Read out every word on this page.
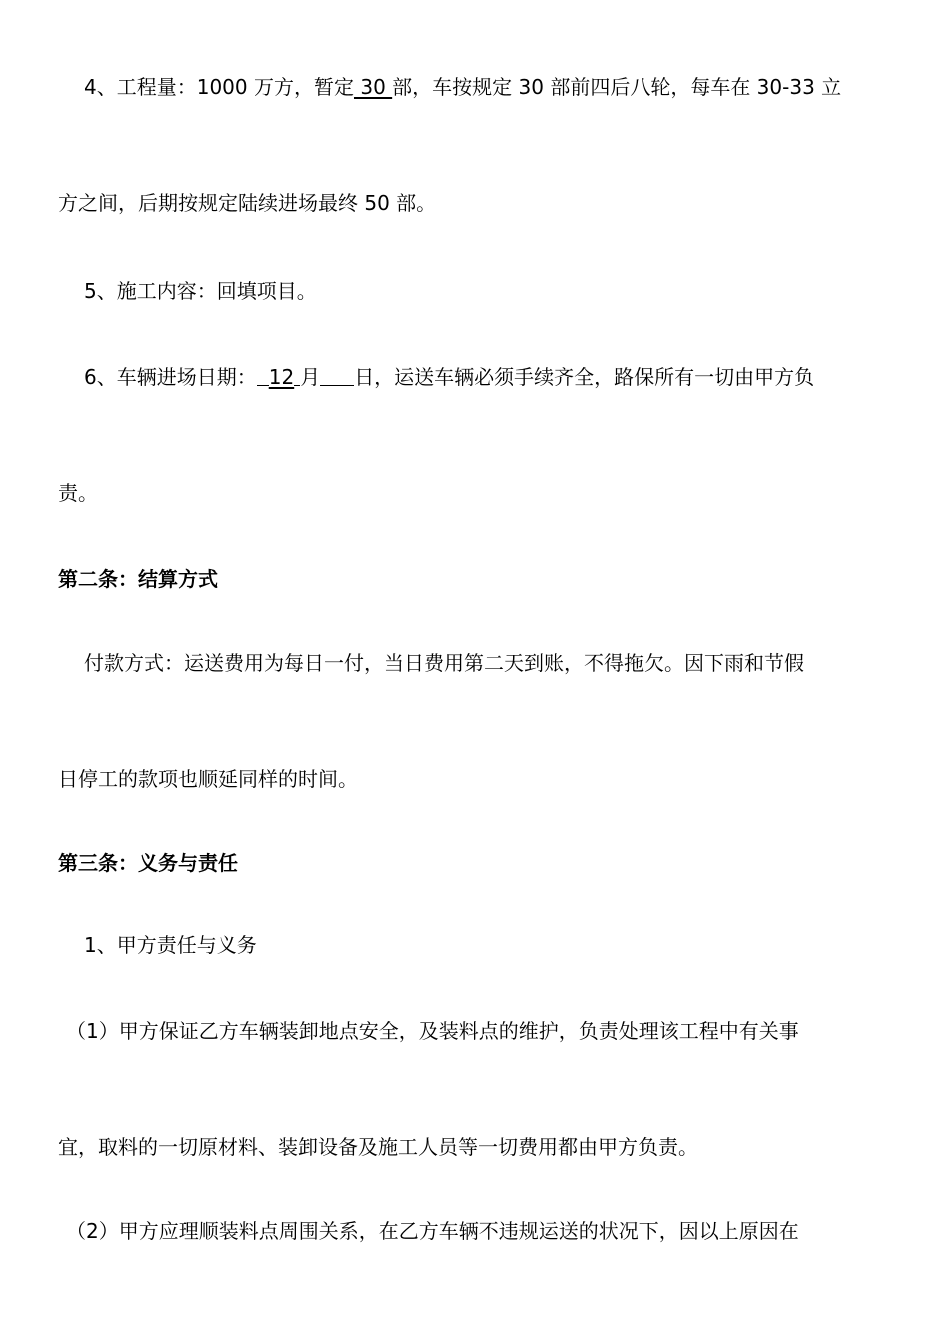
4、工程量：1000 万方，暂定 30 部，车按规定 30 部前四后八轮，每车在 30-33 立
方之间，后期按规定陆续进场最终 50 部。
5、施工内容：回填项目。
6、车辆进场日期： 12 月 日，运送车辆必须手续齐全，路保所有一切由甲方负
责。
第二条：结算方式
付款方式：运送费用为每日一付，当日费用第二天到账，不得拖欠。因下雨和节假
日停工的款项也顺延同样的时间。
第三条：义务与责任
1、甲方责任与义务
（1）甲方保证乙方车辆装卸地点安全，及装料点的维护，负责处理该工程中有关事
宜，取料的一切原材料、装卸设备及施工人员等一切费用都由甲方负责。
（2）甲方应理顺装料点周围关系，在乙方车辆不违规运送的状况下，因以上原因在
